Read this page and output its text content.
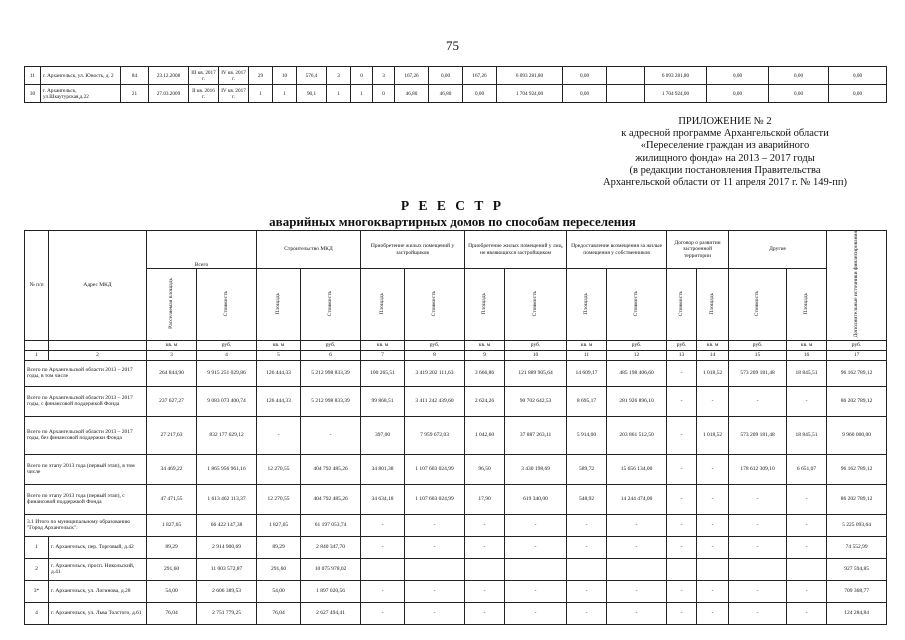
75
11	г. Архангельск, ул. Юность, д. 2	84	23.12.2008	III кв. 2017 г.	IV кв. 2017 г.	29	10	576,4	3	0	3	167,26	0,00	167,26	6 093 281,80	0,00		6 093 281,80	0,00	0,00	0,00
30	г. Архангельск, ул.Шкаутурская,д.22	21	27.03.2009	II кв. 2016 г.	IV кв. 2017 г.	1	1	90,1	1	1	0	46,80	46,80	0,00	1 704 924,00	0,00		1 704 924,00	0,00	0,00	0,00
ПРИЛОЖЕНИЕ № 2
к адресной программе Архангельской области
«Переселение граждан из аварийного
жилищного фонда» на 2013 – 2017 годы
(в редакции постановления Правительства
Архангельской области от 11 апреля 2017 г. № 149-пп)
Р Е Е С Т Р
аварийных многоквартирных домов по способам переселения
№ п/п	Адрес МКД	Всего		Строительство МКД		Приобретение жилых помещений у застройщиков		Приобретение жилых помещений у лиц, не являющихся застройщиком		Предоставление возмещения за жилые помещения у собственников		Договор о развитии застроенной территории		Другие		Дополнительные источники финансирования
		Расселяемая площадь	Стоимость	Площадь	Стоимость	Площадь	Стоимость	Площадь	Стоимость	Площадь	Стоимость	Стоимость	Площадь	Стоимость	Площадь	
		кв. м	руб.	кв. м	руб.	кв. м	руб.	кв. м	руб.	кв. м	руб.	руб.	кв. м	руб.	кв. м	руб.
1	2	3	4	5	6	7	8	9	10	11	12	13	14	15	16	17
Всего по Архангельской области 2013 – 2017 годы, в том числе		264 844,90	9 915 251 029,86	126 444,33	5 212 998 833,39	100 265,51	3 419 202 111,63	3 666,86	121 889 905,64	14 609,17	485 198 406,60	-	1 018,52	573 209 181,48	18 845,51	96 162 789,12
Всего по Архангельской области 2013 – 2017 годы, с финансовой поддержкой Фонда		237 627,27	9 083 073 400,74	126 444,33	5 212 998 833,39	99 868,51	3 411 242 439,60	2 624,26	90 702 642,53	8 695,17	281 926 896,10	-	-	-	-	86 202 789,12
Всего по Архангельской области 2013 – 2017 годы, без финансовой поддержки Фонда		27 217,63	832 177 629,12	-	-	397,00	7 959 672,03	1 042,60	37 887 263,11	5 914,00	203 861 512,50	-	1 018,52	573 209 181,48	18 845,51	9 960 000,00
Всего по этапу 2013 года (первый этап), в том числе		34 469,22	1 865 956 961,16	12 270,55	404 792 485,26	34 801,38	1 107 603 024,99	96,50	3 430 198,69	589,72	15 656 134,00	-	-	178 612 309,10	6 651,07	96 162 789,12
Всего по этапу 2013 года (первый этап), с финансовой поддержкой Фонда		47 471,55	1 613 462 113,37	12 270,55	404 792 485,26	34 634,18	1 107 603 024,99	17,90	619 340,00	548,92	14 244 474,00	-	-	-	-	86 202 789,12
3.1 Итого по муниципальному образованию "Город Архангельск":		1 827,65	66 422 147,38	1 827,65	61 197 053,74	-	-	-	-	-	-	-	-	-	-	5 225 093,64
1	г. Архангельск, пер. Торговый, д.42	89,29	2 914 900,69	89,29	2 840 347,70	-	-	-	-	-	-	-	-	-	-	74 552,99
2	г. Архангельск, просп. Никольский, д.41	291,60	11 003 572,87	291,60	10 075 978,02											927 594,85
3*	г. Архангельск, ул. Логинова, д.28	54,00	2 606 389,53	54,00	1 897 020,56	-	-	-	-	-	-	-	-	-	-	709 368,77
4	г. Архангельск, ул. Льва Толстого, д.61	76,04	2 751 779,25	76,04	2 627 494,41	-	-	-	-	-	-	-	-	-	-	124 284,84
